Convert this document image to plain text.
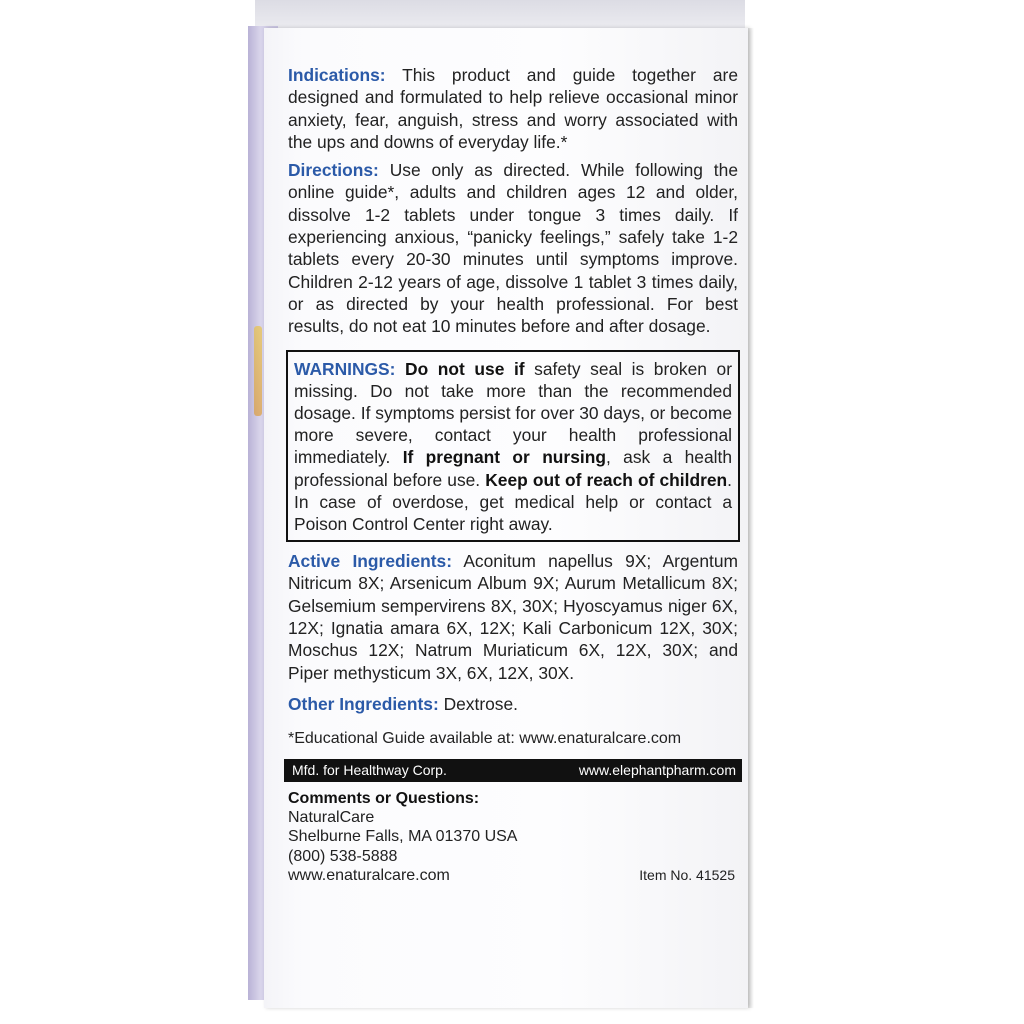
Indications: This product and guide together are designed and formulated to help relieve occasional minor anxiety, fear, anguish, stress and worry associated with the ups and downs of everyday life.*

Directions: Use only as directed. While following the online guide*, adults and children ages 12 and older, dissolve 1-2 tablets under tongue 3 times daily. If experiencing anxious, “panicky feelings,” safely take 1-2 tablets every 20-30 minutes until symptoms improve. Children 2-12 years of age, dissolve 1 tablet 3 times daily, or as directed by your health professional. For best results, do not eat 10 minutes before and after dosage.

WARNINGS: Do not use if safety seal is broken or missing. Do not take more than the recommended dosage. If symptoms persist for over 30 days, or become more severe, contact your health professional immediately. If pregnant or nursing, ask a health professional before use. Keep out of reach of children. In case of overdose, get medical help or contact a Poison Control Center right away.

Active Ingredients: Aconitum napellus 9X; Argentum Nitricum 8X; Arsenicum Album 9X; Aurum Metallicum 8X; Gelsemium sempervirens 8X, 30X; Hyoscyamus niger 6X, 12X; Ignatia amara 6X, 12X; Kali Carbonicum 12X, 30X; Moschus 12X; Natrum Muriaticum 6X, 12X, 30X; and Piper methysticum 3X, 6X, 12X, 30X.

Other Ingredients: Dextrose.

*Educational Guide available at: www.enaturalcare.com
Mfd. for Healthway Corp.	www.elephantpharm.com
Comments or Questions:
NaturalCare
Shelburne Falls, MA 01370 USA
(800) 538-5888
www.enaturalcare.com	Item No. 41525
